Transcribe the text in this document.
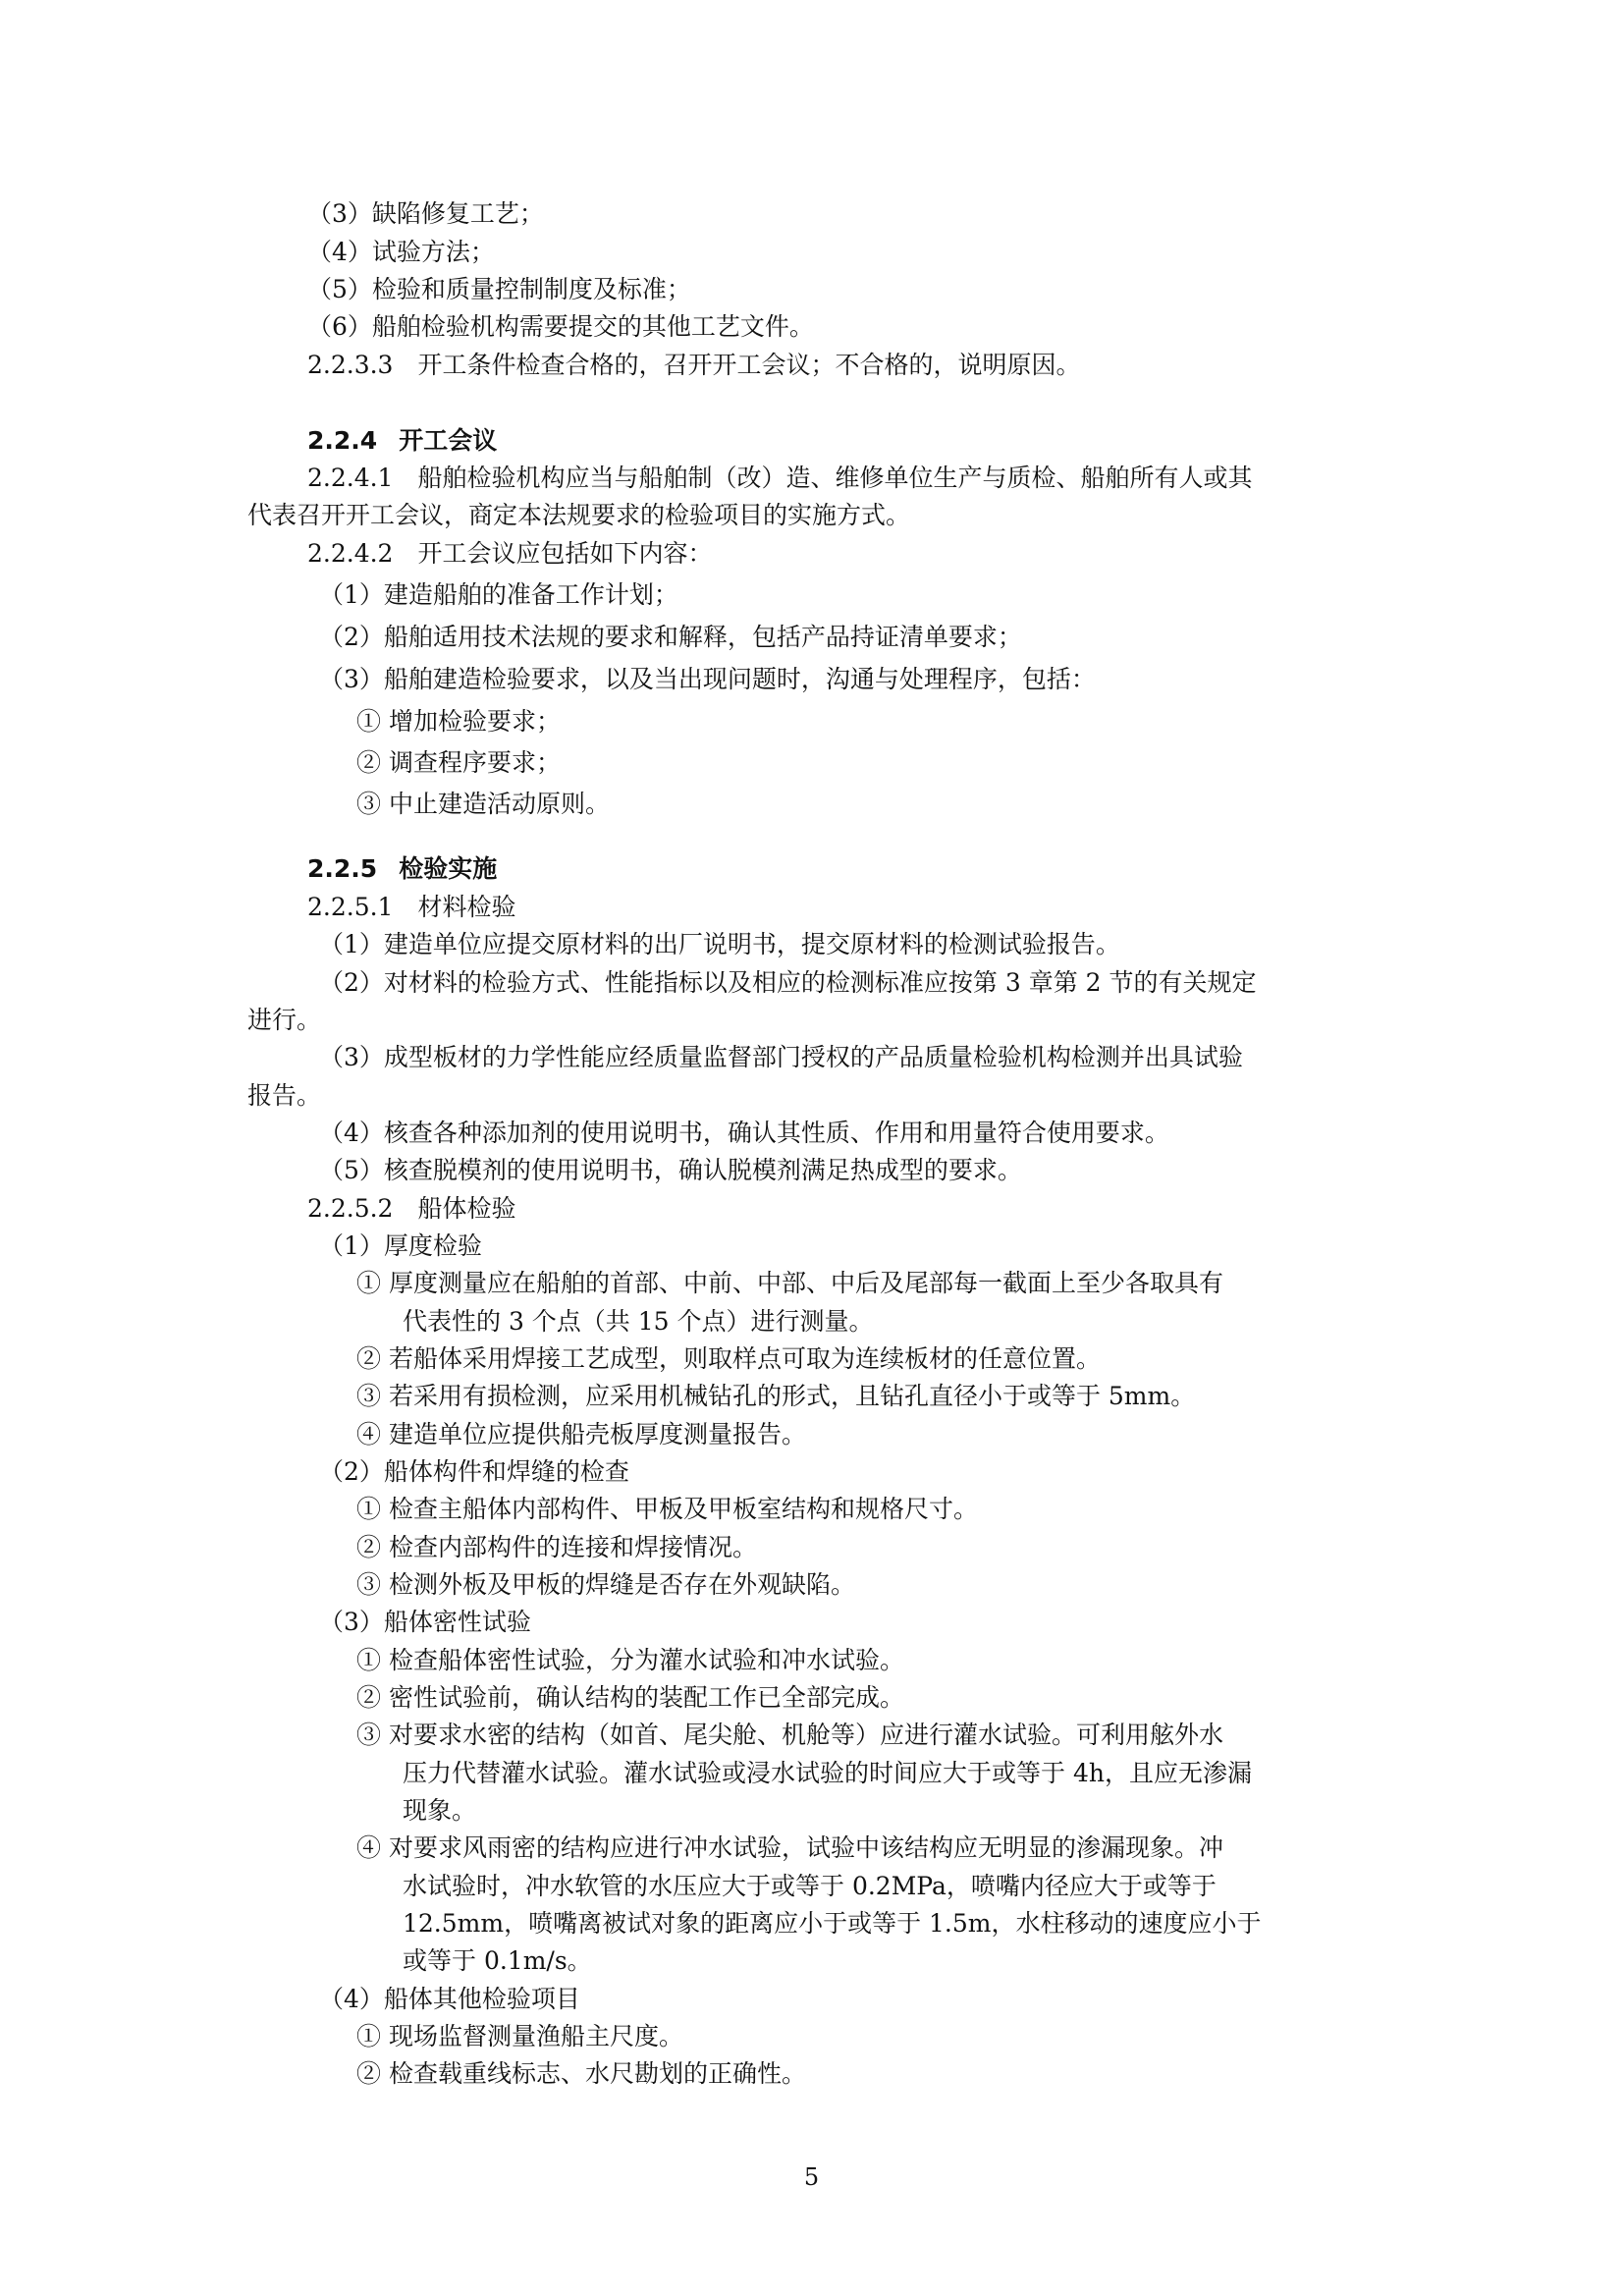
（3）缺陷修复工艺；
（4）试验方法；
（5）检验和质量控制制度及标准；
（6）船舶检验机构需要提交的其他工艺文件。
2.2.3.3　开工条件检查合格的，召开开工会议；不合格的，说明原因。
2.2.4 开工会议
2.2.4.1　船舶检验机构应当与船舶制（改）造、维修单位生产与质检、船舶所有人或其
代表召开开工会议，商定本法规要求的检验项目的实施方式。
2.2.4.2　开工会议应包括如下内容：
（1）建造船舶的准备工作计划；
（2）船舶适用技术法规的要求和解释，包括产品持证清单要求；
（3）船舶建造检验要求，以及当出现问题时，沟通与处理程序，包括：
① 增加检验要求；
② 调查程序要求；
③ 中止建造活动原则。
2.2.5 检验实施
2.2.5.1　材料检验
（1）建造单位应提交原材料的出厂说明书，提交原材料的检测试验报告。
（2）对材料的检验方式、性能指标以及相应的检测标准应按第 3 章第 2 节的有关规定
进行。
（3）成型板材的力学性能应经质量监督部门授权的产品质量检验机构检测并出具试验
报告。
（4）核查各种添加剂的使用说明书，确认其性质、作用和用量符合使用要求。
（5）核查脱模剂的使用说明书，确认脱模剂满足热成型的要求。
2.2.5.2　船体检验
（1）厚度检验
① 厚度测量应在船舶的首部、中前、中部、中后及尾部每一截面上至少各取具有
代表性的 3 个点（共 15 个点）进行测量。
② 若船体采用焊接工艺成型，则取样点可取为连续板材的任意位置。
③ 若采用有损检测，应采用机械钻孔的形式，且钻孔直径小于或等于 5mm。
④ 建造单位应提供船壳板厚度测量报告。
（2）船体构件和焊缝的检查
① 检查主船体内部构件、甲板及甲板室结构和规格尺寸。
② 检查内部构件的连接和焊接情况。
③ 检测外板及甲板的焊缝是否存在外观缺陷。
（3）船体密性试验
① 检查船体密性试验，分为灌水试验和冲水试验。
② 密性试验前，确认结构的装配工作已全部完成。
③ 对要求水密的结构（如首、尾尖舱、机舱等）应进行灌水试验。可利用舷外水
压力代替灌水试验。灌水试验或浸水试验的时间应大于或等于 4h，且应无渗漏
现象。
④ 对要求风雨密的结构应进行冲水试验，试验中该结构应无明显的渗漏现象。冲
水试验时，冲水软管的水压应大于或等于 0.2MPa，喷嘴内径应大于或等于
12.5mm，喷嘴离被试对象的距离应小于或等于 1.5m，水柱移动的速度应小于
或等于 0.1m/s。
（4）船体其他检验项目
① 现场监督测量渔船主尺度。
② 检查载重线标志、水尺勘划的正确性。
5
